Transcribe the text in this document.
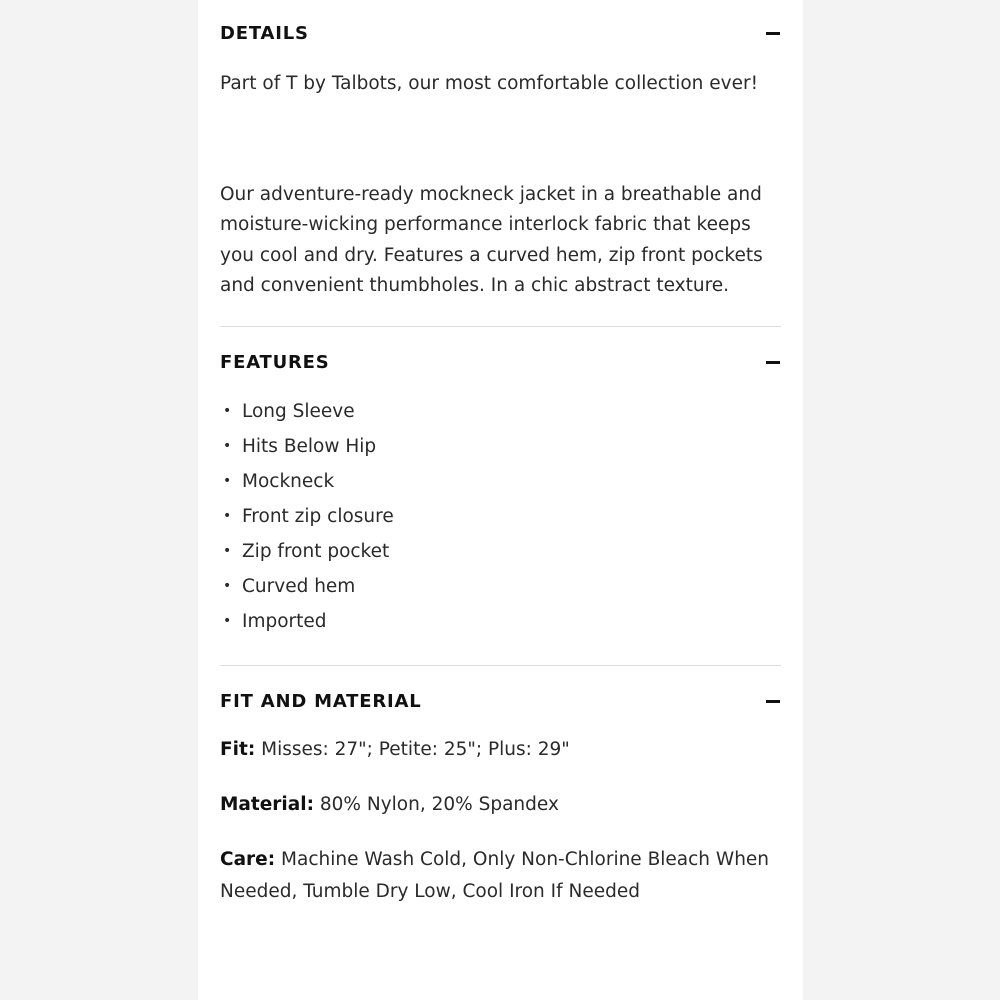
DETAILS

Part of T by Talbots, our most comfortable collection ever!

Our adventure-ready mockneck jacket in a breathable and moisture-wicking performance interlock fabric that keeps you cool and dry. Features a curved hem, zip front pockets and convenient thumbholes. In a chic abstract texture.

FEATURES
• Long Sleeve
• Hits Below Hip
• Mockneck
• Front zip closure
• Zip front pocket
• Curved hem
• Imported
FIT AND MATERIAL

Fit: Misses: 27"; Petite: 25"; Plus: 29"

Material: 80% Nylon, 20% Spandex

Care: Machine Wash Cold, Only Non-Chlorine Bleach When Needed, Tumble Dry Low, Cool Iron If Needed
